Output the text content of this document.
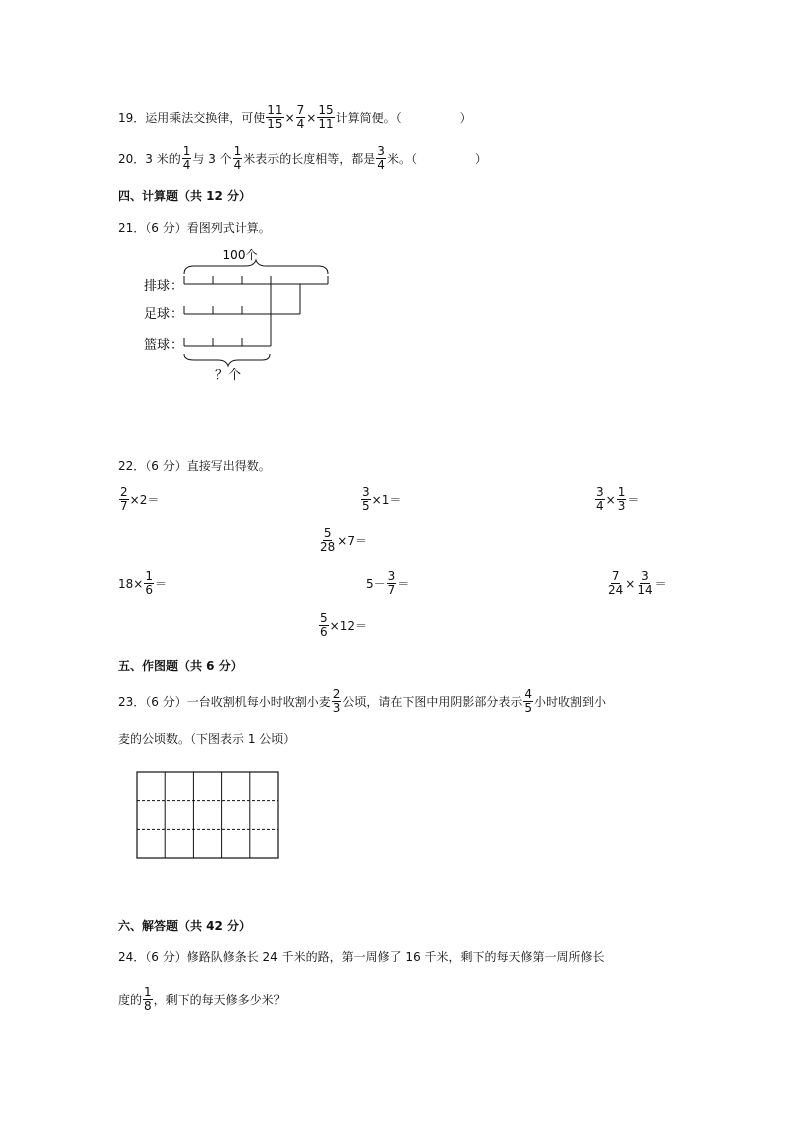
19．运用乘法交换律，可使 $\frac{11}{15} \times \frac{7}{4} \times \frac{15}{11}$ 计算简便。（	）
20．3 米的 $\frac{1}{4}$ 与 3 个 $\frac{1}{4}$ 米表示的长度相等，都是 $\frac{3}{4}$ 米。（	）
四、计算题（共 12 分）
21．（6 分）看图列式计算。
100个
排球：
足球：
篮球：
？个
22．（6 分）直接写出得数。
$\frac{2}{7} \times 2=$	$\frac{3}{5} \times 1=$	$\frac{3}{4} \times \frac{1}{3}$ ＝
$\frac{5}{28} \times 7=$
$18\times \frac{1}{6}$ ＝	$5- \frac{3}{7}$ ＝	$\frac{7}{24} \times \frac{3}{14}$ ＝
$\frac{5}{6} \times 12=$
五、作图题（共 6 分）
23．（6 分）一台收割机每小时收割小麦 $\frac{2}{3}$ 公顷，请在下图中用阴影部分表示 $\frac{4}{5}$ 小时收割到小
麦的公顷数。（下图表示 1 公顷）
六、解答题（共 42 分）
24．（6 分）修路队修条长 24 千米的路，第一周修了 16 千米，剩下的每天修第一周所修长
度的 $\frac{1}{8}$ ，剩下的每天修多少米？
